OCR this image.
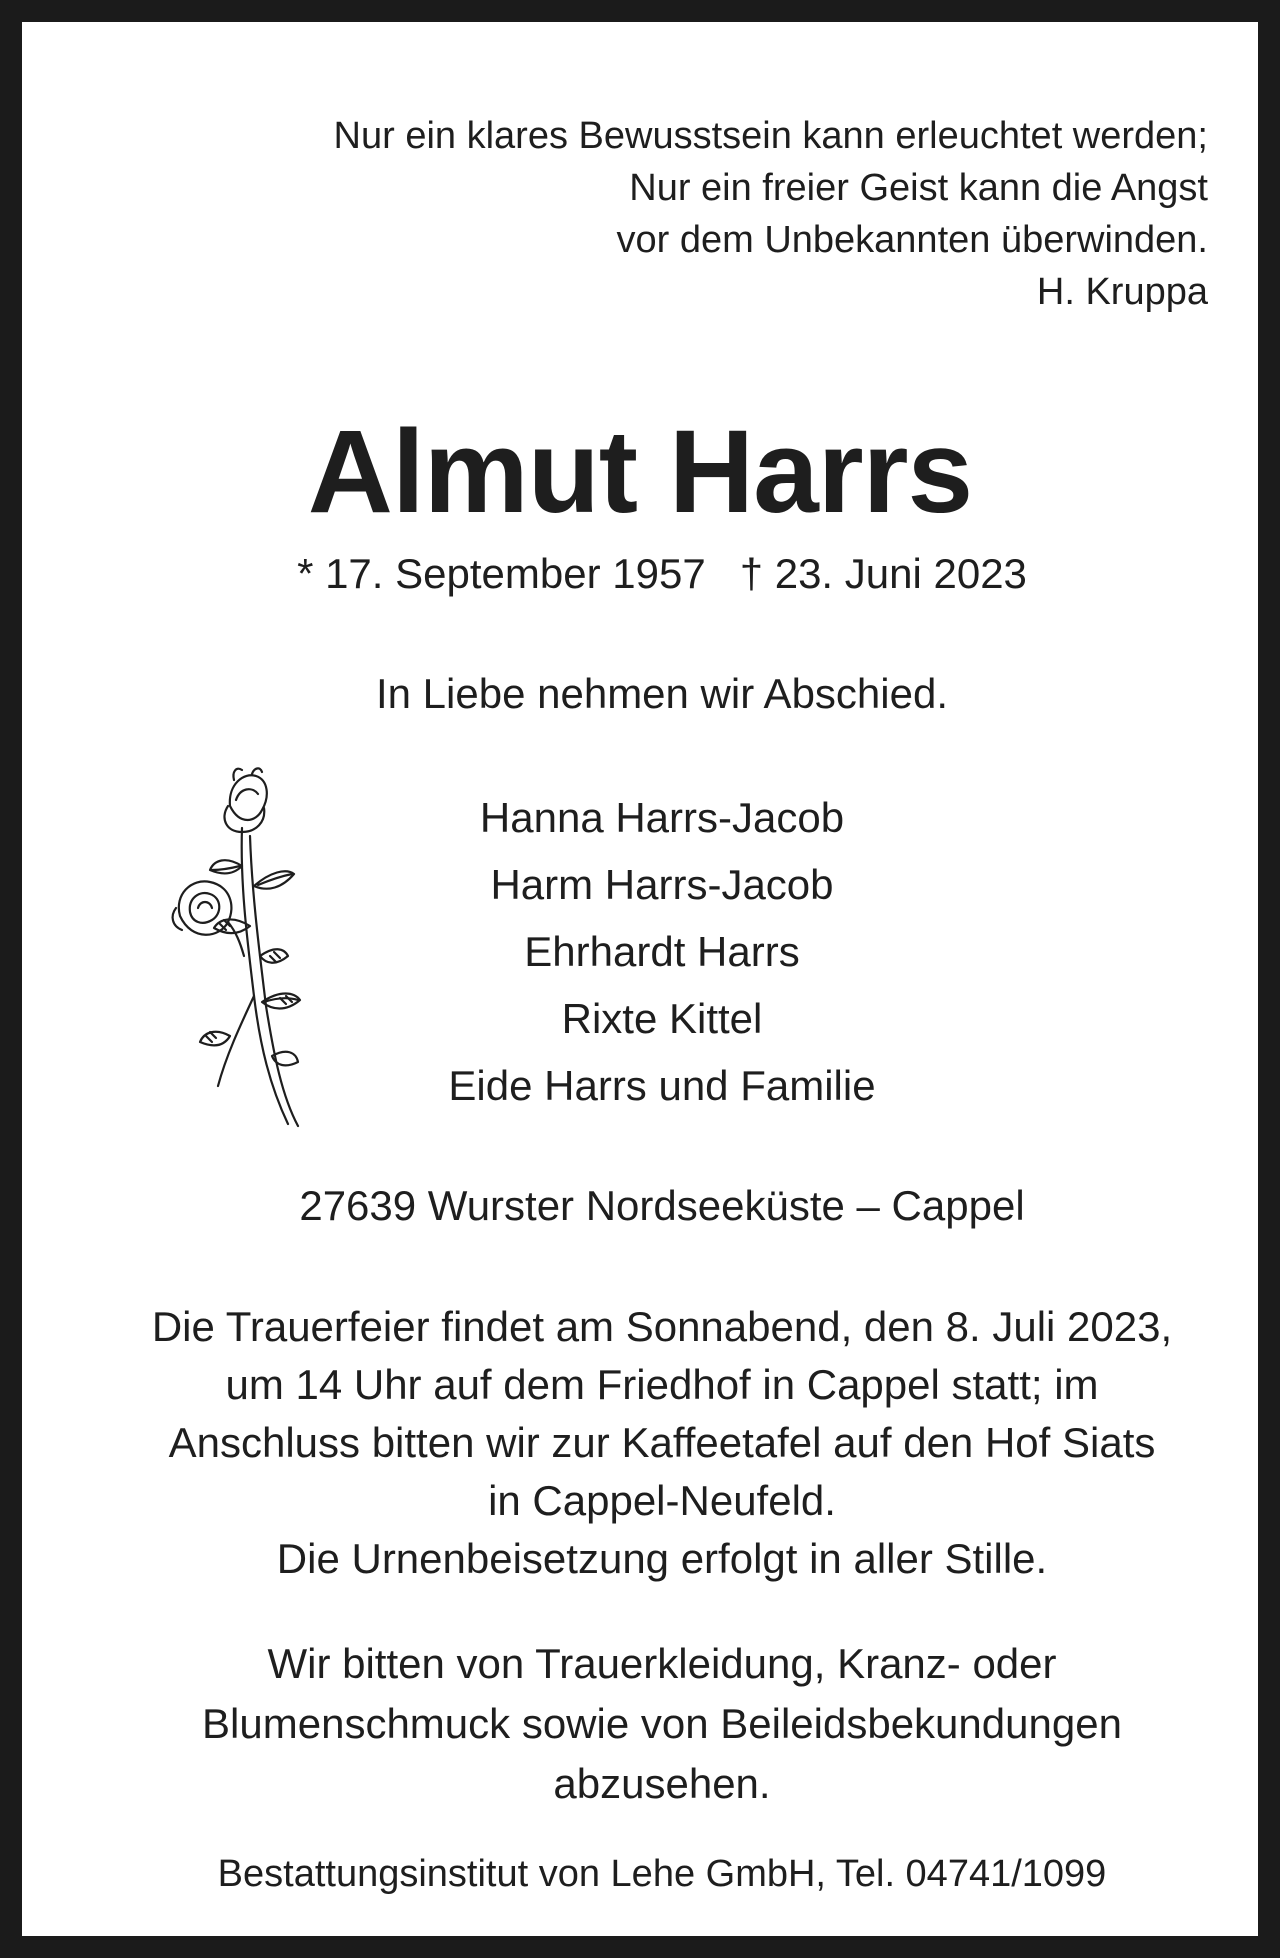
Nur ein klares Bewusstsein kann erleuchtet werden;
Nur ein freier Geist kann die Angst
vor dem Unbekannten überwinden.
H. Kruppa
Almut Harrs
* 17. September 1957 † 23. Juni 2023
In Liebe nehmen wir Abschied.
Hanna Harrs-Jacob
Harm Harrs-Jacob
Ehrhardt Harrs
Rixte Kittel
Eide Harrs und Familie
27639 Wurster Nordseeküste – Cappel
Die Trauerfeier findet am Sonnabend, den 8. Juli 2023,
um 14 Uhr auf dem Friedhof in Cappel statt; im
Anschluss bitten wir zur Kaffeetafel auf den Hof Siats
in Cappel-Neufeld.
Die Urnenbeisetzung erfolgt in aller Stille.
Wir bitten von Trauerkleidung, Kranz- oder
Blumenschmuck sowie von Beileidsbekundungen
abzusehen.
Bestattungsinstitut von Lehe GmbH, Tel. 04741/1099
